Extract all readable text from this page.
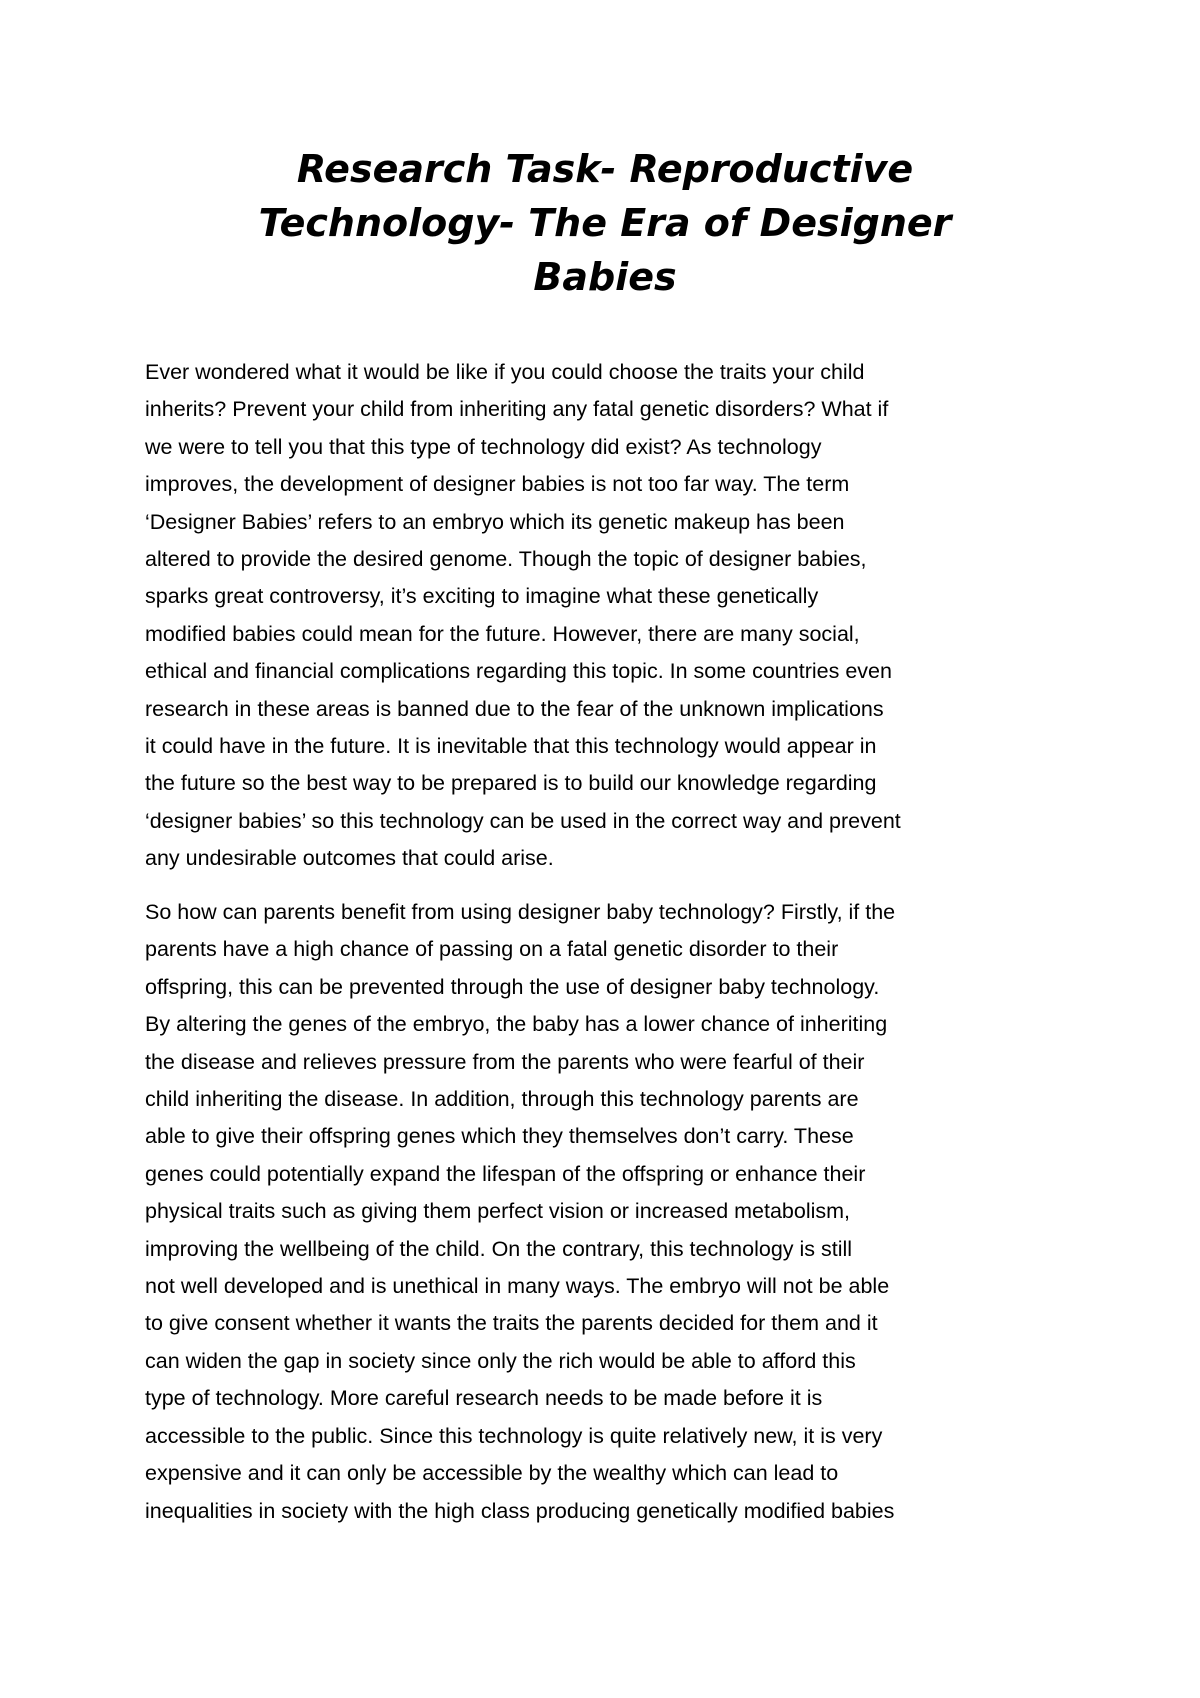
Research Task- Reproductive
Technology- The Era of Designer
Babies

Ever wondered what it would be like if you could choose the traits your child
inherits? Prevent your child from inheriting any fatal genetic disorders? What if
we were to tell you that this type of technology did exist? As technology
improves, the development of designer babies is not too far way. The term
‘Designer Babies’ refers to an embryo which its genetic makeup has been
altered to provide the desired genome. Though the topic of designer babies,
sparks great controversy, it’s exciting to imagine what these genetically
modified babies could mean for the future. However, there are many social,
ethical and financial complications regarding this topic. In some countries even
research in these areas is banned due to the fear of the unknown implications
it could have in the future. It is inevitable that this technology would appear in
the future so the best way to be prepared is to build our knowledge regarding
‘designer babies’ so this technology can be used in the correct way and prevent
any undesirable outcomes that could arise.

So how can parents benefit from using designer baby technology? Firstly, if the
parents have a high chance of passing on a fatal genetic disorder to their
offspring, this can be prevented through the use of designer baby technology.
By altering the genes of the embryo, the baby has a lower chance of inheriting
the disease and relieves pressure from the parents who were fearful of their
child inheriting the disease. In addition, through this technology parents are
able to give their offspring genes which they themselves don’t carry. These
genes could potentially expand the lifespan of the offspring or enhance their
physical traits such as giving them perfect vision or increased metabolism,
improving the wellbeing of the child. On the contrary, this technology is still
not well developed and is unethical in many ways. The embryo will not be able
to give consent whether it wants the traits the parents decided for them and it
can widen the gap in society since only the rich would be able to afford this
type of technology. More careful research needs to be made before it is
accessible to the public. Since this technology is quite relatively new, it is very
expensive and it can only be accessible by the wealthy which can lead to
inequalities in society with the high class producing genetically modified babies
